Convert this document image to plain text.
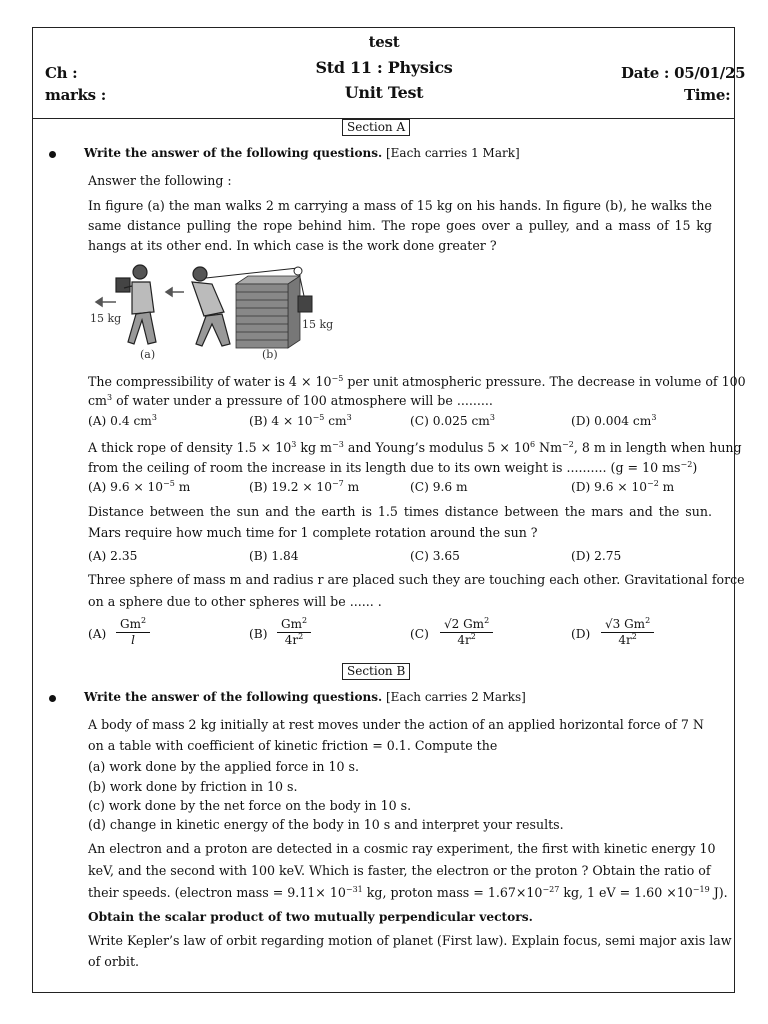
test
Std 11 : Physics
Unit Test
Ch :
marks :
Date : 05/01/25
Time:
Section A
Write the answer of the following questions. [Each carries 1 Mark]
Answer the following :
In figure (a) the man walks 2 m carrying a mass of 15 kg on his hands. In figure (b), he walks the same distance pulling the rope behind him. The rope goes over a pulley, and a mass of 15 kg hangs at its other end. In which case is the work done greater ?
15 kg
(a)
15 kg
(b)
The compressibility of water is $4 \times 10^{-5}$ per unit atmospheric pressure. The decrease in volume of 100
$cm^3$ of water under a pressure of 100 atmosphere will be .........
(A) 0.4 $cm^3$	(B) $4 \times 10^{-5}$ $cm^3$	(C) 0.025 $cm^3$	(D) 0.004 $cm^3$
A thick rope of density $1.5 \times 10^3$ kg $m^{-3}$ and Young’s modulus $5 \times 10^6$ $Nm^{-2}$, 8 m in length when hung
from the ceiling of room the increase in its length due to its own weight is .......... (g = 10 $ms^{-2}$)
(A) $9.6 \times 10^{-5}$ m	(B) $19.2 \times 10^{-7}$ m	(C) 9.6 m	(D) $9.6 \times 10^{-2}$ m
Distance between the sun and the earth is 1.5 times distance between the mars and the sun. Mars require how much time for 1 complete rotation around the sun ?
(A) 2.35	(B) 1.84	(C) 3.65	(D) 2.75
Three sphere of mass m and radius r are placed such they are touching each other. Gravitational force
on a sphere due to other spheres will be ...... .
$(A) \frac{Gm^2}{l}$	$(B) \frac{Gm^2}{4r^2}$	$(C) \frac{√2 Gm^2}{4r^2}$	$(D) \frac{√3 Gm^2}{4r^2}$
Section B
Write the answer of the following questions. [Each carries 2 Marks]
A body of mass 2 kg initially at rest moves under the action of an applied horizontal force of 7 N
on a table with coefficient of kinetic friction = 0.1. Compute the
(a) work done by the applied force in 10 s.
(b) work done by friction in 10 s.
(c) work done by the net force on the body in 10 s.
(d) change in kinetic energy of the body in 10 s and interpret your results.
An electron and a proton are detected in a cosmic ray experiment, the first with kinetic energy 10
keV, and the second with 100 keV. Which is faster, the electron or the proton ? Obtain the ratio of
their speeds. (electron mass = $9.11\times 10^{-31}$ kg, proton mass = $1.67\times 10^{-27}$ kg, 1 eV = $1.60 \times 10^{-19}$ J).
Obtain the scalar product of two mutually perpendicular vectors.
Write Kepler’s law of orbit regarding motion of planet (First law). Explain focus, semi major axis law
of orbit.
